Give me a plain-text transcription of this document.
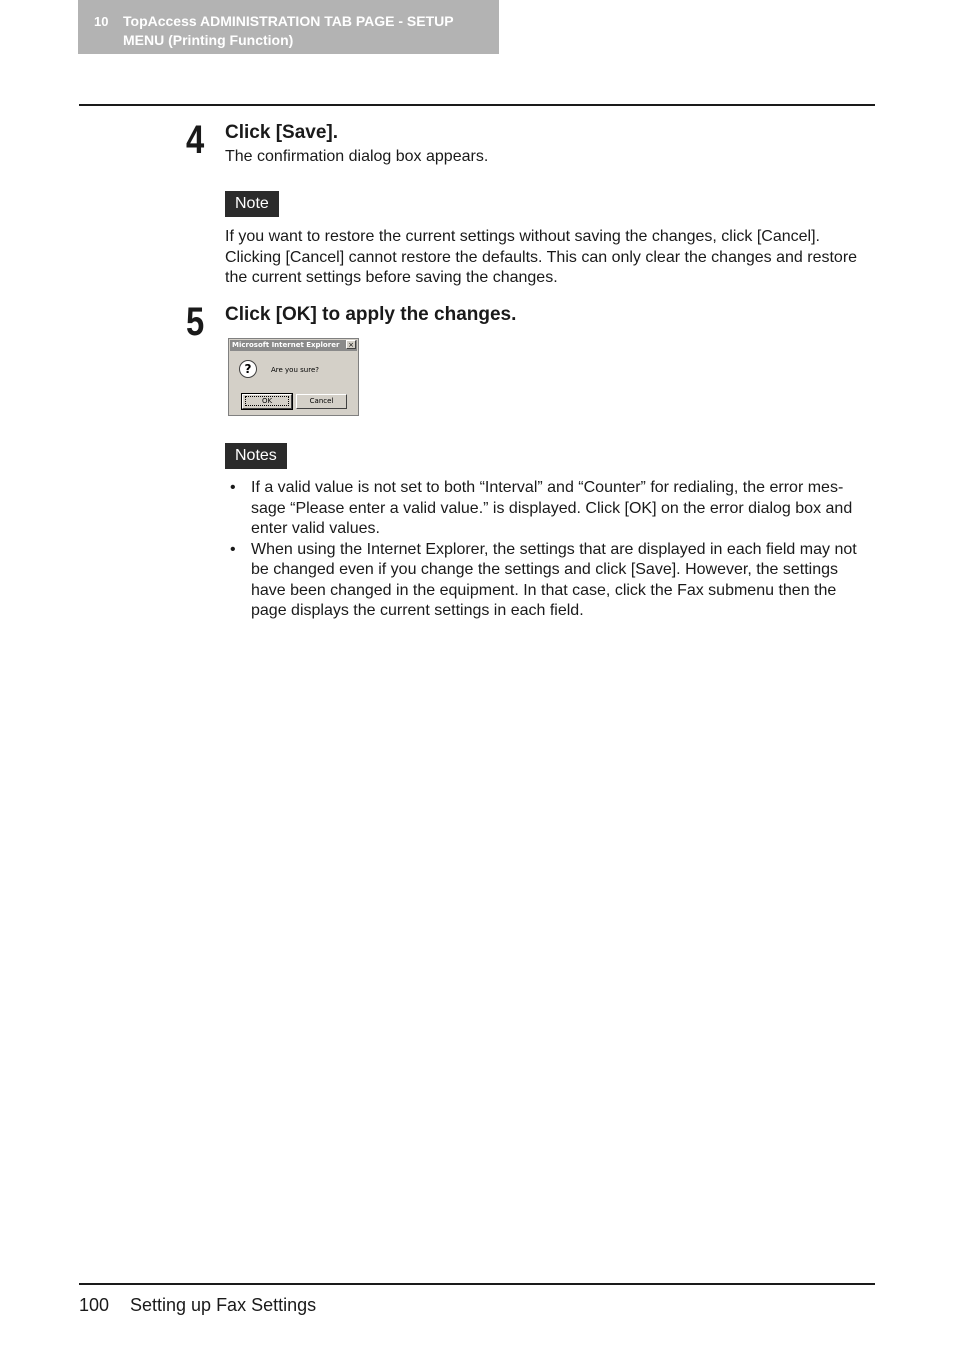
10 TopAccess ADMINISTRATION TAB PAGE - SETUP
MENU (Printing Function)
4 Click [Save].
The confirmation dialog box appears.
Note
If you want to restore the current settings without saving the changes, click [Cancel]. Clicking [Cancel] cannot restore the defaults. This can only clear the changes and restore the current settings before saving the changes.
5 Click [OK] to apply the changes.
Microsoft Internet Explorer	×
?	Are you sure?
OK	Cancel
Notes
• If a valid value is not set to both “Interval” and “Counter” for redialing, the error mes-sage “Please enter a valid value.” is displayed. Click [OK] on the error dialog box and enter valid values.
• When using the Internet Explorer, the settings that are displayed in each field may not be changed even if you change the settings and click [Save]. However, the settings have been changed in the equipment. In that case, click the Fax submenu then the page displays the current settings in each field.
100 Setting up Fax Settings
